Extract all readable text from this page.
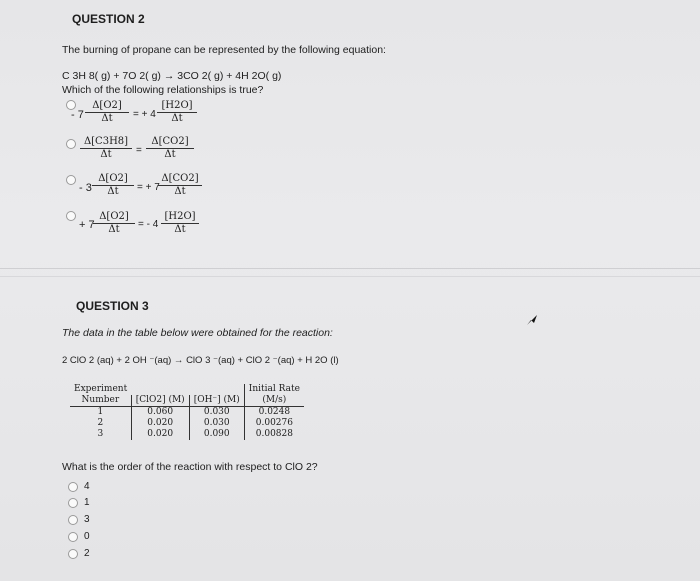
QUESTION 2
The burning of propane can be represented by the following equation:
C 3H 8( g) + 7O 2( g) → 3CO 2( g) + 4H 2O( g)
Which of the following relationships is true?
- $7 \frac{\Delta[O2]}{\Delta t}$ = + $4 \frac{[H2O]}{\Delta t}$
$\frac{\Delta[C3H8]}{\Delta t} = \frac{\Delta[CO2]}{\Delta t}$
- $3 \frac{\Delta[O2]}{\Delta t}$ = + 7
$\frac{\Delta[CO2]}{\Delta t}$
+ 7
$\frac{\Delta[O2]}{\Delta t}$ = - $4 \frac{[H2O]}{\Delta t}$
QUESTION 3
The data in the table below were obtained for the reaction:
2 ClO 2 (aq) + 2 OH ⁻(aq) → ClO 3 ⁻(aq) + ClO 2 ⁻(aq) + H 2O (l)
Experiment			Initial Rate
Number	[ClO2] (M)	[OH⁻] (M)	(M/s)
1	0.060	0.030	0.0248
2	0.020	0.030	0.00276
3	0.020	0.090	0.00828
What is the order of the reaction with respect to ClO 2?
4
1
3
0
2
